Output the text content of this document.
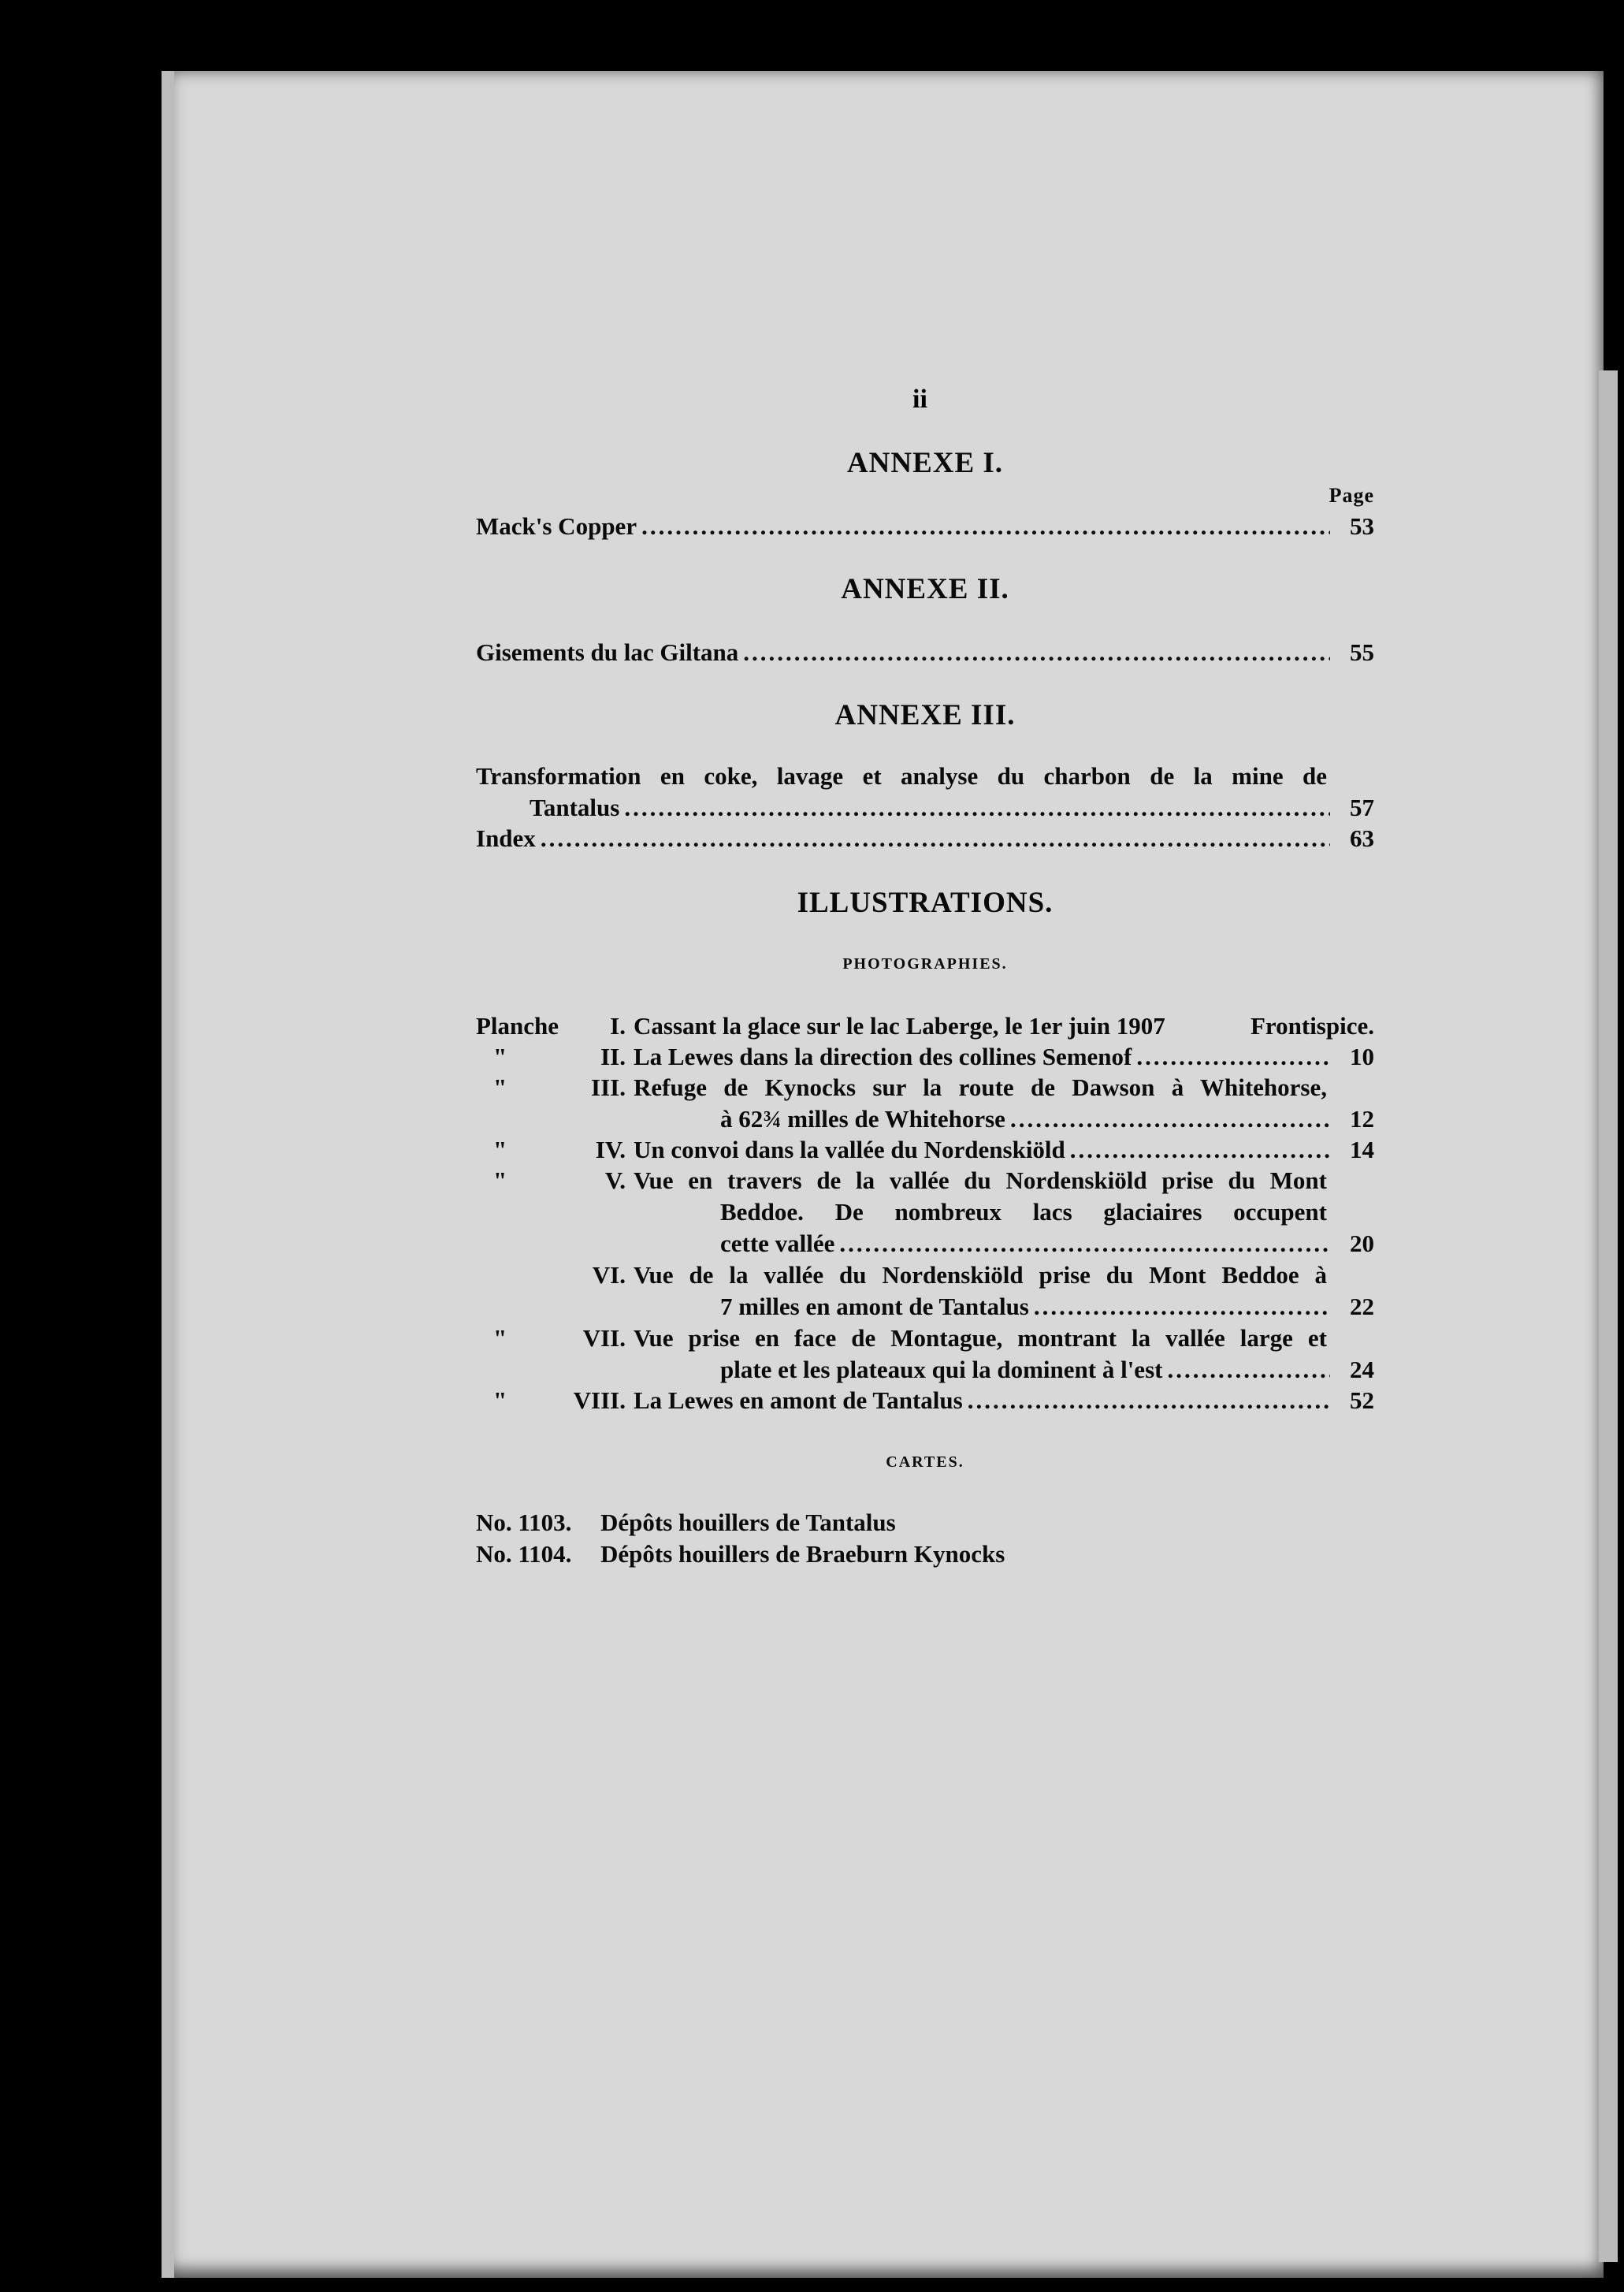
ii
ANNEXE I.
Page
Mack's Copper .....	53
ANNEXE II.
Gisements du lac Giltana .....	55
ANNEXE III.
Transformation en coke, lavage et analyse du charbon de la mine de
Tantalus .....	57
Index .....	63
ILLUSTRATIONS.
PHOTOGRAPHIES.
Planche	I. Cassant la glace sur le lac Laberge, le 1er juin 1907	Frontispice.
"	II. La Lewes dans la direction des collines Semenof .....	10
"	III. Refuge de Kynocks sur la route de Dawson à Whitehorse,
à 62¾ milles de Whitehorse .....	12
"	IV. Un convoi dans la vallée du Nordenskiöld .....	14
"	V. Vue en travers de la vallée du Nordenskiöld prise du Mont
Beddoe. De nombreux lacs glaciaires occupent
cette vallée .....	20
VI. Vue de la vallée du Nordenskiöld prise du Mont Beddoe à
7 milles en amont de Tantalus .....	22
"	VII. Vue prise en face de Montague, montrant la vallée large et
plate et les plateaux qui la dominent à l'est .....	24
"	VIII. La Lewes en amont de Tantalus .....	52
CARTES.
No. 1103. Dépôts houillers de Tantalus
No. 1104. Dépôts houillers de Braeburn Kynocks
